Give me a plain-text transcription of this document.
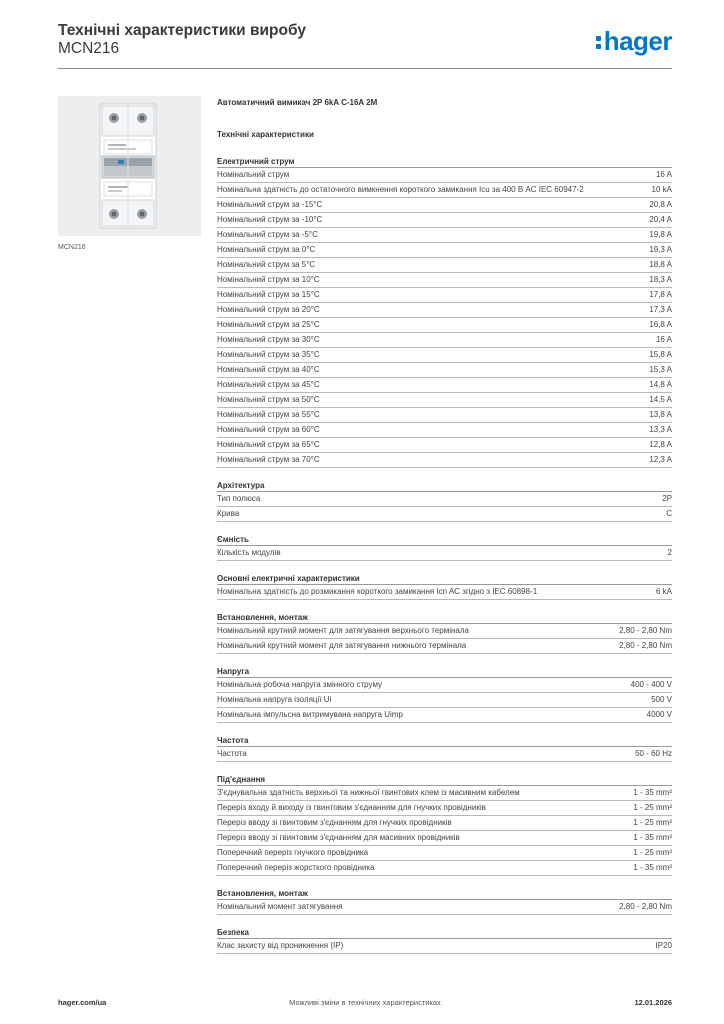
Технічні характеристики виробу
MCN216	hager
MCN216
Автоматичний вимикач 2P 6kA C-16A 2M
Технічні характеристики
Електричний струм
Номінальний струм	16 A
Номінальна здатність до остаточного вимкнення короткого замикання Icu за 400 В AC IEC 60947-2	10 kA
Номінальний струм за -15°C	20,8 A
Номінальний струм за -10°C	20,4 A
Номінальний струм за -5°C	19,8 A
Номінальний струм за 0°C	19,3 A
Номінальний струм за 5°C	18,8 A
Номінальний струм за 10°C	18,3 A
Номінальний струм за 15°C	17,8 A
Номінальний струм за 20°C	17,3 A
Номінальний струм за 25°C	16,8 A
Номінальний струм за 30°C	16 A
Номінальний струм за 35°C	15,8 A
Номінальний струм за 40°C	15,3 A
Номінальний струм за 45°C	14,8 A
Номінальний струм за 50°C	14,5 A
Номінальний струм за 55°C	13,8 A
Номінальний струм за 60°C	13,3 A
Номінальний струм за 65°C	12,8 A
Номінальний струм за 70°C	12,3 A
Архітектура
Тип полюса	2P
Крива	C
Ємність
Кількість модулів	2
Основні електричні характеристики
Номінальна здатність до розмикання короткого замикання Icn AC згідно з IEC 60898-1	6 kA
Встановлення, монтаж
Номінальний крутний момент для затягування верхнього термінала	2,80 - 2,80 Nm
Номінальний крутний момент для затягування нижнього термінала	2,80 - 2,80 Nm
Напруга
Номінальна робоча напруга змінного струму	400 - 400 V
Номінальна напруга ізоляції Ui	500 V
Номінальна імпульсна витримувана напруга Uimp	4000 V
Частота
Частота	50 - 60 Hz
Під'єднання
З'єднувальна здатність верхньої та нижньої гвинтових клем із масивним кабелем	1 - 35 mm²
Переріз входу й виходу із гвинтовим з'єднанням для гнучких провідників	1 - 25 mm²
Переріз вводу зі гвинтовим з'єднанням для гнучких провідників	1 - 25 mm²
Переріз вводу зі гвинтовим з'єднанням для масивних провідників	1 - 35 mm²
Поперечний переріз гнучкого провідника	1 - 25 mm²
Поперечний переріз жорсткого провідника	1 - 35 mm²
Встановлення, монтаж
Номінальний момент затягування	2,80 - 2,80 Nm
Безпека
Клас захисту від проникнення (IP)	IP20
Можливі зміни в технічних характеристиках
hager.com/ua	12.01.2026
